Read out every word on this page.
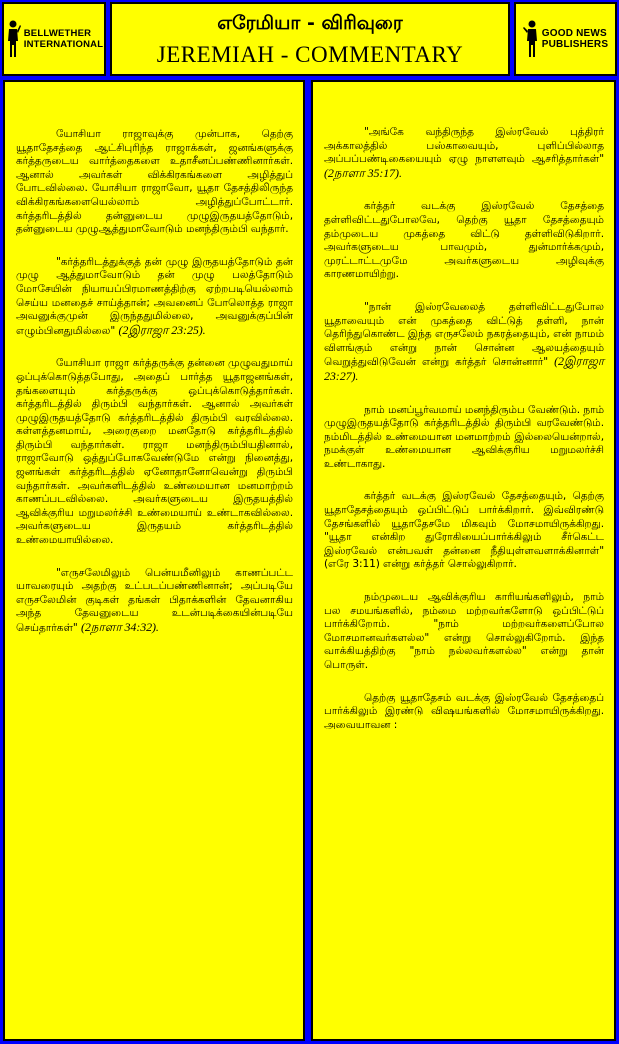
BELLWETHER
INTERNATIONAL
எரேமியா - விரிவுரை
JEREMIAH - COMMENTARY
GOOD NEWS
PUBLISHERS

யோசியா ராஜாவுக்கு முன்பாக, தெற்கு யூதாதேசத்தை ஆட்சிபுரிந்த ராஜாக்கள், ஜனங்களுக்கு கர்த்தருடைய வார்த்தைகளை உதாசீனப்பண்ணினார்கள். ஆனால் அவர்கள் விக்கிரகங்களை அழித்துப் போடவில்லை. யோசியா ராஜாவோ, யூதா தேசத்திலிருந்த விக்கிரகங்களையெல்லாம் அழித்துப்போட்டார். கர்த்தரிடத்தில் தன்னுடைய முழுஇருதயத்தோடும், தன்னுடைய முழுஆத்துமாவோடும் மனந்திரும்பி வந்தார்.

"கர்த்தரிடத்துக்குத் தன் முழு இருதயத்தோடும் தன் முழு ஆத்துமாவோடும் தன் முழு பலத்தோடும் மோசேயின் நியாயப்பிரமாணத்திற்கு ஏற்றபடியெல்லாம் செய்ய மனதைச் சாய்த்தான்; அவனைப் போலொத்த ராஜா அவனுக்குமுன் இருந்ததுமில்லை, அவனுக்குப்பின் எழும்பினதுமில்லை" (2இராஜா 23:25).

யோசியா ராஜா கர்த்தருக்கு தன்னை முழுவதுமாய் ஒப்புக்கொடுத்தபோது, அதைப் பார்த்த யூதாஜனங்கள், தங்களையும் கர்த்தருக்கு ஒப்புக்கொடுத்தார்கள். கர்த்தரிடத்தில் திரும்பி வந்தார்கள். ஆனால் அவர்கள் முழுஇருதயத்தோடு கர்த்தரிடத்தில் திரும்பி வரவில்லை. கள்ளத்தனமாய், அரைகுறை மனதோடு கர்த்தரிடத்தில் திரும்பி வந்தார்கள். ராஜா மனந்திரும்பியதினால், ராஜாவோடு ஒத்துப்போகவேண்டுமே என்று நினைத்து, ஜனங்கள் கர்த்தரிடத்தில் ஏனோதானோவென்று திரும்பி வந்தார்கள். அவர்களிடத்தில் உண்மையான மனமாற்றம் காணப்படவில்லை. அவர்களுடைய இருதயத்தில் ஆவிக்குரிய மறுமலர்ச்சி உண்மையாய் உண்டாகவில்லை. அவர்களுடைய இருதயம் கர்த்தரிடத்தில் உண்மையாயில்லை.

"எருசலேமிலும் பென்யமீனிலும் காணப்பட்ட யாவரையும் அதற்கு உட்படப்பண்ணினான்; அப்படியே எருசலேமின் குடிகள் தங்கள் பிதாக்களின் தேவனாகிய அந்த தேவனுடைய உடன்படிக்கையின்படியே செய்தார்கள்" (2நாளா 34:32).

"அங்கே வந்திருந்த இஸ்ரவேல் புத்திரர் அக்காலத்தில் பஸ்காவையும், புளிப்பில்லாத அப்பப்பண்டிகையையும் ஏழு நாளளவும் ஆசரித்தார்கள்" (2நாளா 35:17).

கர்த்தர் வடக்கு இஸ்ரவேல் தேசத்தை தள்ளிவிட்டதுபோலவே, தெற்கு யூதா தேசத்தையும் தம்முடைய முகத்தை விட்டு தள்ளிவிடுகிறார். அவர்களுடைய பாவமும், துன்மார்க்கமும், முரட்டாட்டமுமே அவர்களுடைய அழிவுக்கு காரணமாயிற்று.

"நான் இஸ்ரவேலைத் தள்ளிவிட்டதுபோல யூதாவையும் என் முகத்தை விட்டுத் தள்ளி, நான் தெரிந்துகொண்ட இந்த எருசலேம் நகரத்தையும், என் நாமம் விளங்கும் என்று நான் சொன்ன ஆலயத்தையும் வெறுத்துவிடுவேன் என்று கர்த்தர் சொன்னார்" (2இராஜா 23:27).

நாம் மனப்பூர்வமாய் மனந்திரும்ப வேண்டும். நாம் முழுஇருதயத்தோடு கர்த்தரிடத்தில் திரும்பி வரவேண்டும். நம்மிடத்தில் உண்மையான மனமாற்றம் இல்லையென்றால், நமக்குள் உண்மையான ஆவிக்குரிய மறுமலர்ச்சி உண்டாகாது.

கர்த்தர் வடக்கு இஸ்ரவேல் தேசத்தையும், தெற்கு யூதாதேசத்தையும் ஒப்பிட்டுப் பார்க்கிறார். இவ்விரண்டு தேசங்களில் யூதாதேசமே மிகவும் மோசமாயிருக்கிறது. "யூதா என்கிற துரோகியைப்பார்க்கிலும் சீர்கெட்ட இஸ்ரவேல் என்பவள் தன்னை நீதியுள்ளவளாக்கினாள்" (எரே 3:11) என்று கர்த்தர் சொல்லுகிறார்.

நம்முடைய ஆவிக்குரிய காரியங்களிலும், நாம் பல சமயங்களில், நம்மை மற்றவர்களோடு ஒப்பிட்டுப் பார்க்கிறோம். "நாம் மற்றவர்களைப்போல மோசமானவர்களல்ல" என்று சொல்லுகிறோம். இந்த வாக்கியத்திற்கு "நாம் நல்லவர்களல்ல" என்று தான் பொருள்.

தெற்கு யூதாதேசம் வடக்கு இஸ்ரவேல் தேசத்தைப் பார்க்கிலும் இரண்டு விஷயங்களில் மோசமாயிருக்கிறது. அவையாவன :
